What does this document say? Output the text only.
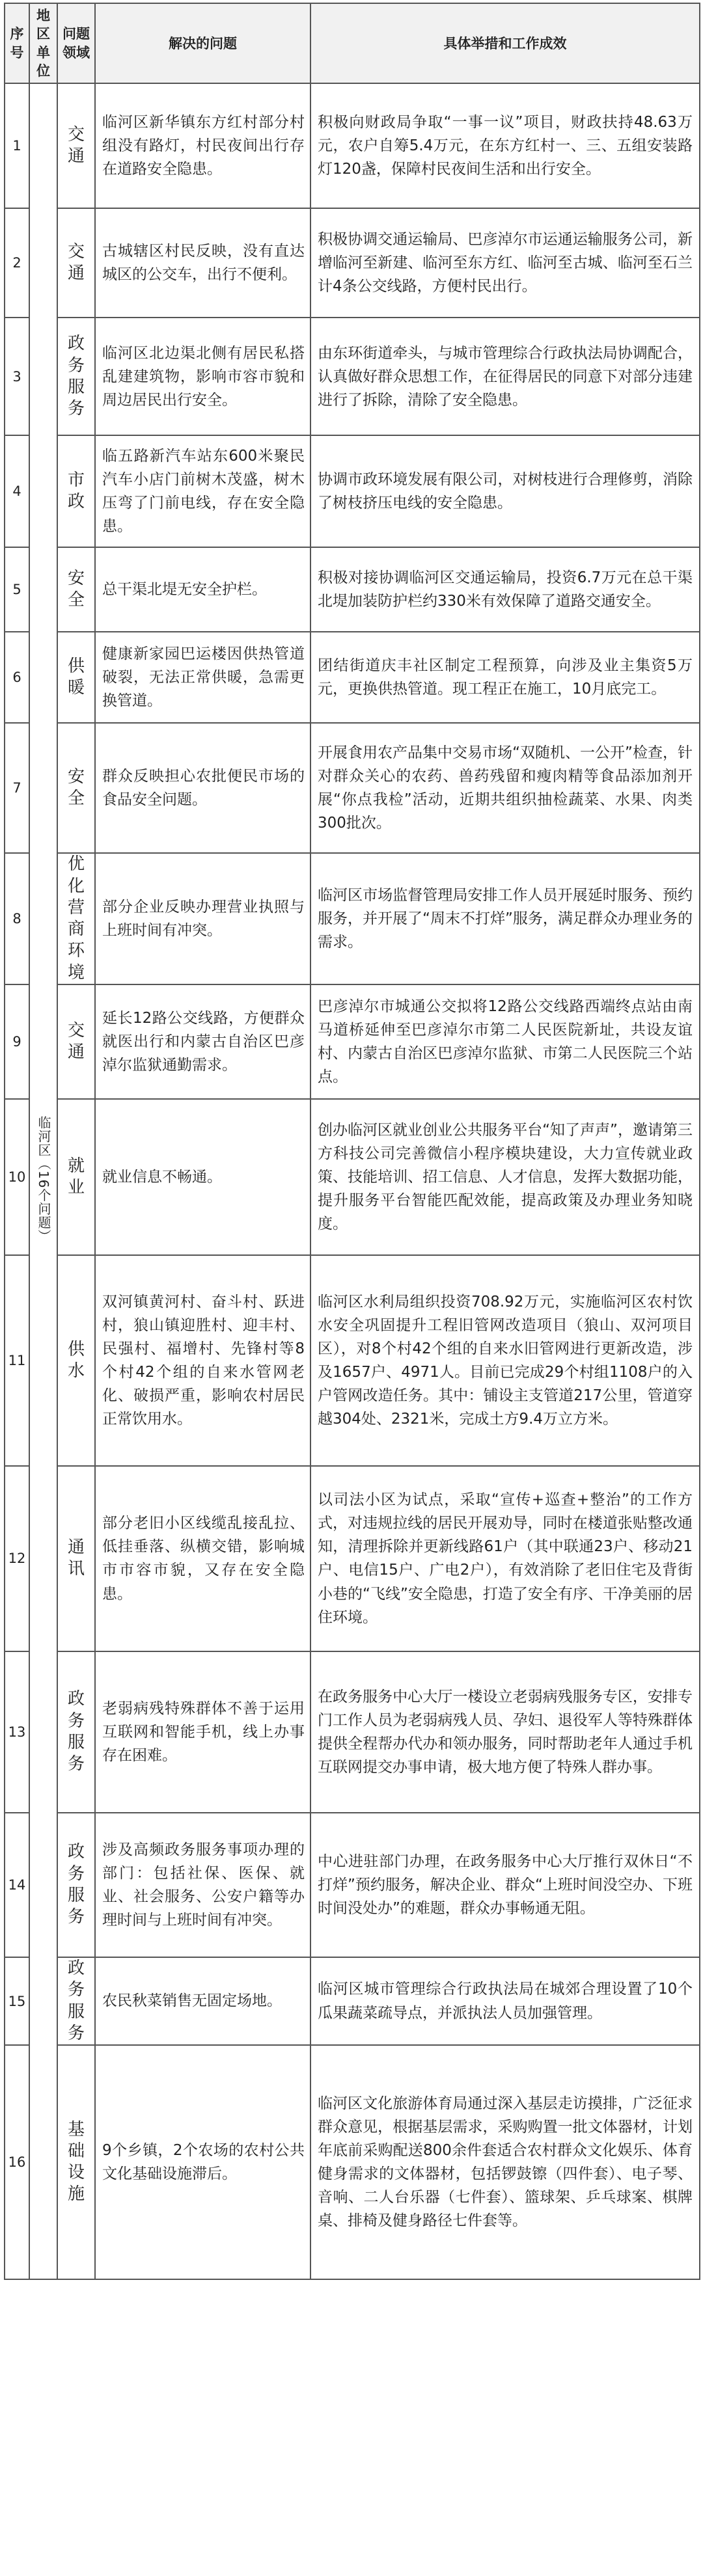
序号	地区单位	问题领域	解决的问题	具体举措和工作成效
1	临河区（16个问题）	交通	临河区新华镇东方红村部分村组没有路灯，村民夜间出行存在道路安全隐患。	积极向财政局争取“一事一议”项目，财政扶持48.63万元，农户自筹5.4万元，在东方红村一、三、五组安装路灯120盏，保障村民夜间生活和出行安全。
2		交通	古城辖区村民反映，没有直达城区的公交车，出行不便利。	积极协调交通运输局、巴彦淖尔市运通运输服务公司，新增临河至新建、临河至东方红、临河至古城、临河至石兰计4条公交线路，方便村民出行。
3		政务服务	临河区北边渠北侧有居民私搭乱建建筑物，影响市容市貌和周边居民出行安全。	由东环街道牵头，与城市管理综合行政执法局协调配合，认真做好群众思想工作，在征得居民的同意下对部分违建进行了拆除，清除了安全隐患。
4		市政	临五路新汽车站东600米聚民汽车小店门前树木茂盛，树木压弯了门前电线，存在安全隐患。	协调市政环境发展有限公司，对树枝进行合理修剪，消除了树枝挤压电线的安全隐患。
5		安全	总干渠北堤无安全护栏。	积极对接协调临河区交通运输局，投资6.7万元在总干渠北堤加装防护栏约330米有效保障了道路交通安全。
6		供暖	健康新家园巴运楼因供热管道破裂，无法正常供暖，急需更换管道。	团结街道庆丰社区制定工程预算，向涉及业主集资5万元，更换供热管道。现工程正在施工，10月底完工。
7		安全	群众反映担心农批便民市场的食品安全问题。	开展食用农产品集中交易市场“双随机、一公开”检查，针对群众关心的农药、兽药残留和瘦肉精等食品添加剂开展“你点我检”活动，近期共组织抽检蔬菜、水果、肉类300批次。
8		优化营商环境	部分企业反映办理营业执照与上班时间有冲突。	临河区市场监督管理局安排工作人员开展延时服务、预约服务，并开展了“周末不打烊”服务，满足群众办理业务的需求。
9		交通	延长12路公交线路，方便群众就医出行和内蒙古自治区巴彦淖尔监狱通勤需求。	巴彦淖尔市城通公交拟将12路公交线路西端终点站由南马道桥延伸至巴彦淖尔市第二人民医院新址，共设友谊村、内蒙古自治区巴彦淖尔监狱、市第二人民医院三个站点。
10		就业	就业信息不畅通。	创办临河区就业创业公共服务平台“知了声声”，邀请第三方科技公司完善微信小程序模块建设，大力宣传就业政策、技能培训、招工信息、人才信息，发挥大数据功能，提升服务平台智能匹配效能，提高政策及办理业务知晓度。
11		供水	双河镇黄河村、奋斗村、跃进村，狼山镇迎胜村、迎丰村、民强村、福增村、先锋村等8个村42个组的自来水管网老化、破损严重，影响农村居民正常饮用水。	临河区水利局组织投资708.92万元，实施临河区农村饮水安全巩固提升工程旧管网改造项目（狼山、双河项目区），对8个村42个组的自来水旧管网进行更新改造，涉及1657户、4971人。目前已完成29个村组1108户的入户管网改造任务。其中：铺设主支管道217公里，管道穿越304处、2321米，完成土方9.4万立方米。
12		通讯	部分老旧小区线缆乱接乱拉、低挂垂落、纵横交错，影响城市市容市貌，又存在安全隐患。	以司法小区为试点，采取“宣传+巡查+整治”的工作方式，对违规拉线的居民开展劝导，同时在楼道张贴整改通知，清理拆除并更新线路61户（其中联通23户、移动21户、电信15户、广电2户），有效消除了老旧住宅及背街小巷的“飞线”安全隐患，打造了安全有序、干净美丽的居住环境。
13		政务服务	老弱病残特殊群体不善于运用互联网和智能手机，线上办事存在困难。	在政务服务中心大厅一楼设立老弱病残服务专区，安排专门工作人员为老弱病残人员、孕妇、退役军人等特殊群体提供全程帮办代办和领办服务，同时帮助老年人通过手机互联网提交办事申请，极大地方便了特殊人群办事。
14		政务服务	涉及高频政务服务事项办理的部门：包括社保、医保、就业、社会服务、公安户籍等办理时间与上班时间有冲突。	中心进驻部门办理，在政务服务中心大厅推行双休日“不打烊”预约服务，解决企业、群众“上班时间没空办、下班时间没处办”的难题，群众办事畅通无阻。
15		政务服务	农民秋菜销售无固定场地。	临河区城市管理综合行政执法局在城郊合理设置了10个瓜果蔬菜疏导点，并派执法人员加强管理。
16		基础设施	9个乡镇，2个农场的农村公共文化基础设施滞后。	临河区文化旅游体育局通过深入基层走访摸排，广泛征求群众意见，根据基层需求，采购购置一批文体器材，计划年底前采购配送800余件套适合农村群众文化娱乐、体育健身需求的文体器材，包括锣鼓镲（四件套）、电子琴、音响、二人台乐器（七件套）、篮球架、乒乓球案、棋牌桌、排椅及健身路径七件套等。
